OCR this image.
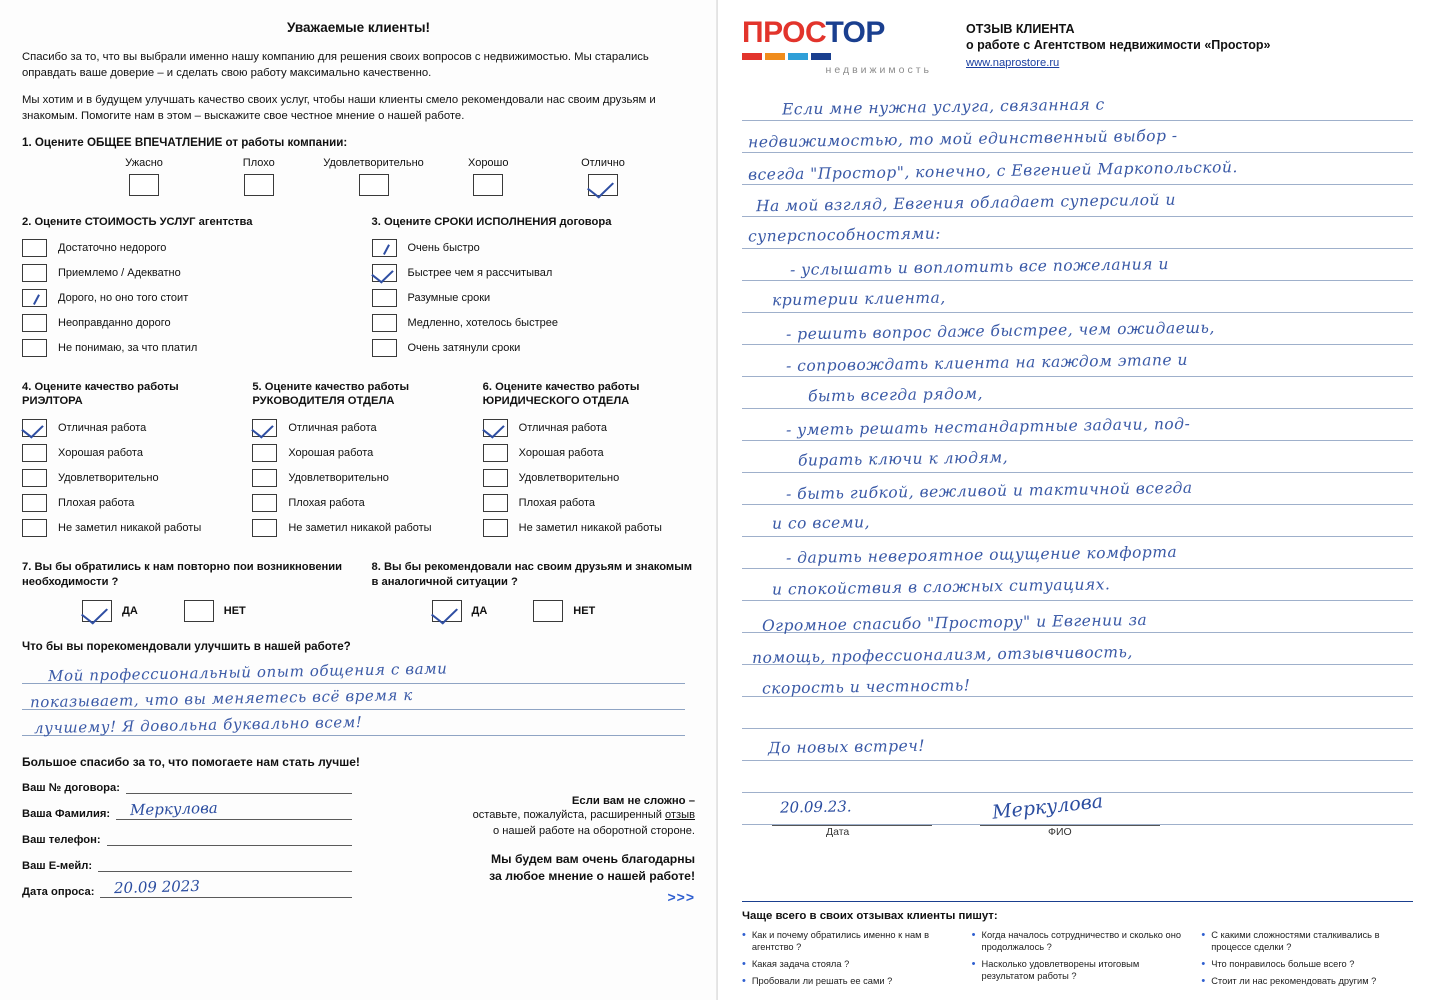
Уважаемые клиенты!

Спасибо за то, что вы выбрали именно нашу компанию для решения своих вопросов с недвижимостью. Мы старались оправдать ваше доверие – и сделать свою работу максимально качественно.

Мы хотим и в будущем улучшать качество своих услуг, чтобы наши клиенты смело рекомендовали нас своим друзьям и знакомым. Помогите нам в этом – выскажите свое честное мнение о нашей работе.

1. Оцените ОБЩЕЕ ВПЕЧАТЛЕНИЕ от работы компании:
Ужасно	Плохо	Удовлетворительно	Хорошо	Отлично
2. Оцените СТОИМОСТЬ УСЛУГ агентства
Достаточно недорого
Приемлемо / Адекватно
Дорого, но оно того стоит
Неоправданно дорого
Не понимаю, за что платил
3. Оцените СРОКИ ИСПОЛНЕНИЯ договора
Очень быстро
Быстрее чем я рассчитывал
Разумные сроки
Медленно, хотелось быстрее
Очень затянули сроки
4. Оцените качество работы РИЭЛТОРА
Отличная работа
Хорошая работа
Удовлетворительно
Плохая работа
Не заметил никакой работы
5. Оцените качество работы РУКОВОДИТЕЛЯ ОТДЕЛА
Отличная работа
Хорошая работа
Удовлетворительно
Плохая работа
Не заметил никакой работы
6. Оцените качество работы ЮРИДИЧЕСКОГО ОТДЕЛА
Отличная работа
Хорошая работа
Удовлетворительно
Плохая работа
Не заметил никакой работы
7. Вы бы обратились к нам повторно пои возникновении необходимости ?
ДА	НЕТ
8. Вы бы рекомендовали нас своим друзьям и знакомым в аналогичной ситуации ?
ДА	НЕТ
Что бы вы порекомендовали улучшить в нашей работе?
Мой профессиональный опыт общения с вами
показывает, что вы меняетесь всё время к
лучшему! Я довольна буквально всем!
Большое спасибо за то, что помогаете нам стать лучше!
Ваш № договора:
Ваша Фамилия: Меркулова
Ваш телефон:
Ваш Е-мейл:
Дата опроса: 20.09 2023
Если вам не сложно –
оставьте, пожалуйста, расширенный отзыв
о нашей работе на оборотной стороне.
Мы будем вам очень благодарны
за любое мнение о нашей работе!
>>>
ПРОСТОР
недвижимость
ОТЗЫВ КЛИЕНТА
о работе с Агентством недвижимости «Простор»
www.naprostore.ru
Если мне нужна услуга, связанная с
недвижимостью, то мой единственный выбор -
всегда "Простор", конечно, с Евгенией Маркопольской.
На мой взгляд, Евгения обладает суперсилой и
суперспособностями:
- услышать и воплотить все пожелания и
критерии клиента,
- решить вопрос даже быстрее, чем ожидаешь,
- сопровождать клиента на каждом этапе и
быть всегда рядом,
- уметь решать нестандартные задачи, под-
бирать ключи к людям,
- быть гибкой, вежливой и тактичной всегда
и со всеми,
- дарить невероятное ощущение комфорта
и спокойствия в сложных ситуациях.
Огромное спасибо "Простору" и Евгении за
помощь, профессионализм, отзывчивость,
скорость и честность!
До новых встреч!
20.09.23.	Меркулова
Дата	ФИО
Чаще всего в своих отзывах клиенты пишут:
• Как и почему обратились именно к нам в агентство ?
• Какая задача стояла ?
• Пробовали ли решать ее сами ?
• Когда началось сотрудничество и сколько оно продолжалось ?
• Насколько удовлетворены итоговым результатом работы ?
• С какими сложностями сталкивались в процессе сделки ?
• Что понравилось больше всего ?
• Стоит ли нас рекомендовать другим ?
